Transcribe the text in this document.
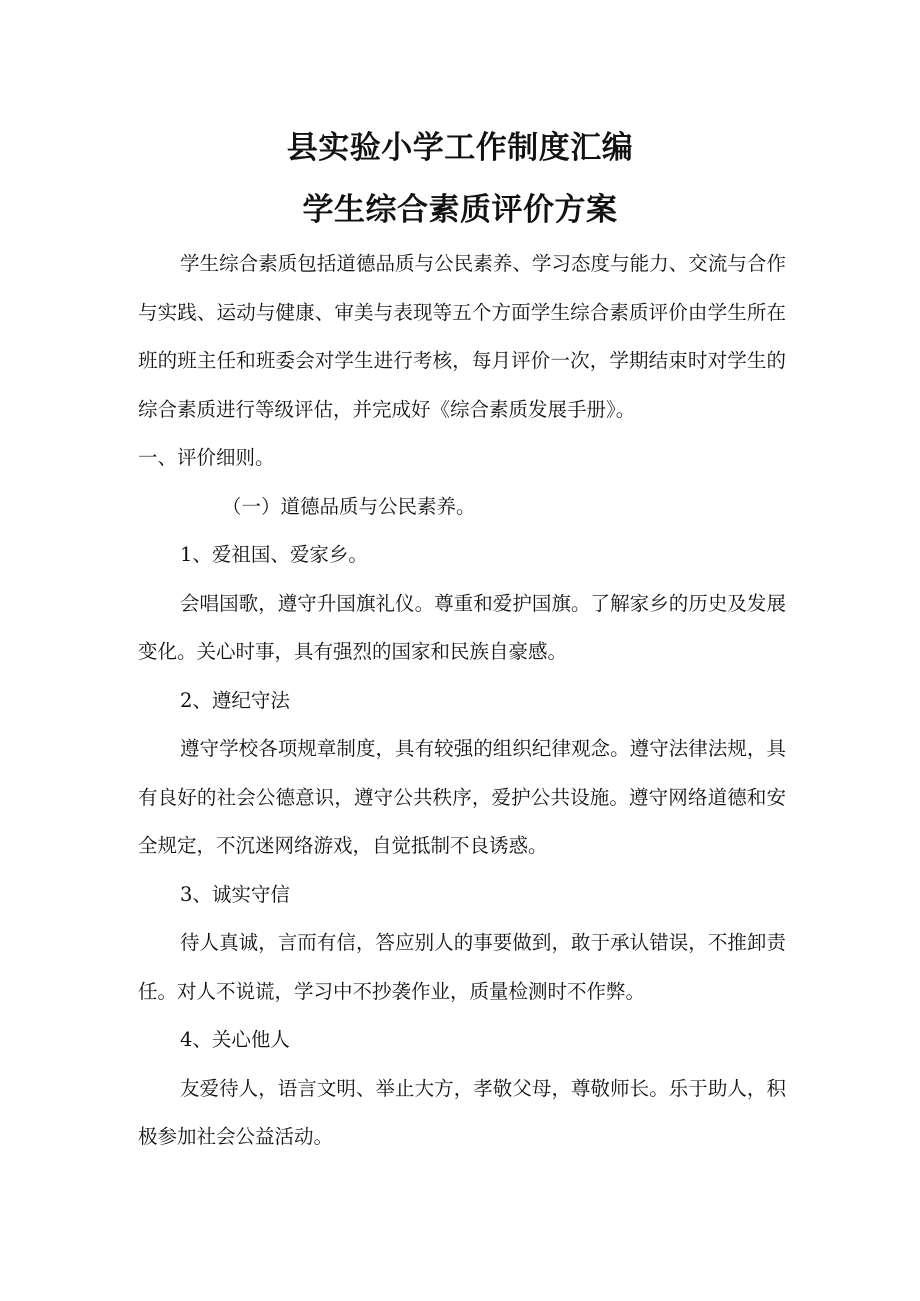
县实验小学工作制度汇编
学生综合素质评价方案

学生综合素质包括道德品质与公民素养、学习态度与能力、交流与合作与实践、运动与健康、审美与表现等五个方面学生综合素质评价由学生所在班的班主任和班委会对学生进行考核，每月评价一次，学期结束时对学生的综合素质进行等级评估，并完成好《综合素质发展手册》。

一、评价细则。

（一）道德品质与公民素养。

1、爱祖国、爱家乡。

会唱国歌，遵守升国旗礼仪。尊重和爱护国旗。了解家乡的历史及发展变化。关心时事，具有强烈的国家和民族自豪感。

2、遵纪守法

遵守学校各项规章制度，具有较强的组织纪律观念。遵守法律法规，具有良好的社会公德意识，遵守公共秩序，爱护公共设施。遵守网络道德和安全规定，不沉迷网络游戏，自觉抵制不良诱惑。

3、诚实守信

待人真诚，言而有信，答应别人的事要做到，敢于承认错误，不推卸责任。对人不说谎，学习中不抄袭作业，质量检测时不作弊。

4、关心他人

友爱待人，语言文明、举止大方，孝敬父母，尊敬师长。乐于助人，积极参加社会公益活动。
